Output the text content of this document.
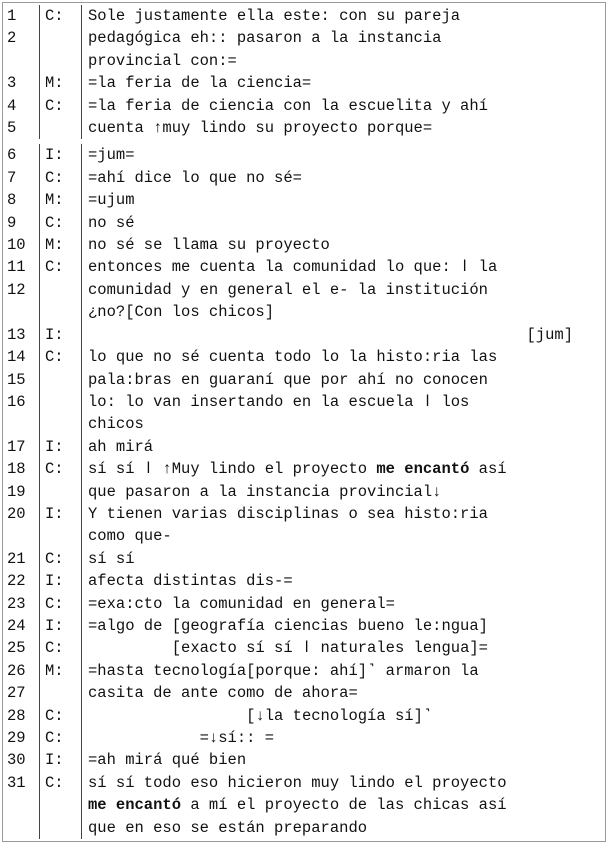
1	C:	Sole justamente ella este: con su pareja
2	pedagógica eh:: pasaron a la instancia
provincial con:=
3	M:	=la feria de la ciencia=
4	C:	=la feria de ciencia con la escuelita y ahí
5	cuenta ↑muy lindo su proyecto porque=
6	I:	=jum=
7	C:	=ahí dice lo que no sé=
8	M:	=ujum
9	C:	no sé
10	M:	no sé se llama su proyecto
11	C:	entonces me cuenta la comunidad lo que: ǀ la
12	comunidad y en general el e- la institución
¿no?[Con los chicos]
13	I:	[jum]
14	C:	lo que no sé cuenta todo lo la histo:ria las
15	pala:bras en guaraní que por ahí no conocen
16	lo: lo van insertando en la escuela ǀ los
chicos
17	I:	ah mirá
18	C:	sí sí ǀ ↑Muy lindo el proyecto me encantó así
19	que pasaron a la instancia provincial↓
20	I:	Y tienen varias disciplinas o sea histo:ria
como que-
21	C:	sí sí
22	I:	afecta distintas dis-=
23	C:	=exa:cto la comunidad en general=
24	I:	=algo de [geografía ciencias bueno le:ngua]
25	C:	[exacto sí sí ǀ naturales lengua]=
26	M:	=hasta tecnología[porque: ahí]˺ armaron la
27	casita de ante como de ahora=
28	C:	[↓la tecnología sí]˺
29	C:	=↓sí:: =
30	I:	=ah mirá qué bien
31	C:	sí sí todo eso hicieron muy lindo el proyecto
me encantó a mí el proyecto de las chicas así
que en eso se están preparando
